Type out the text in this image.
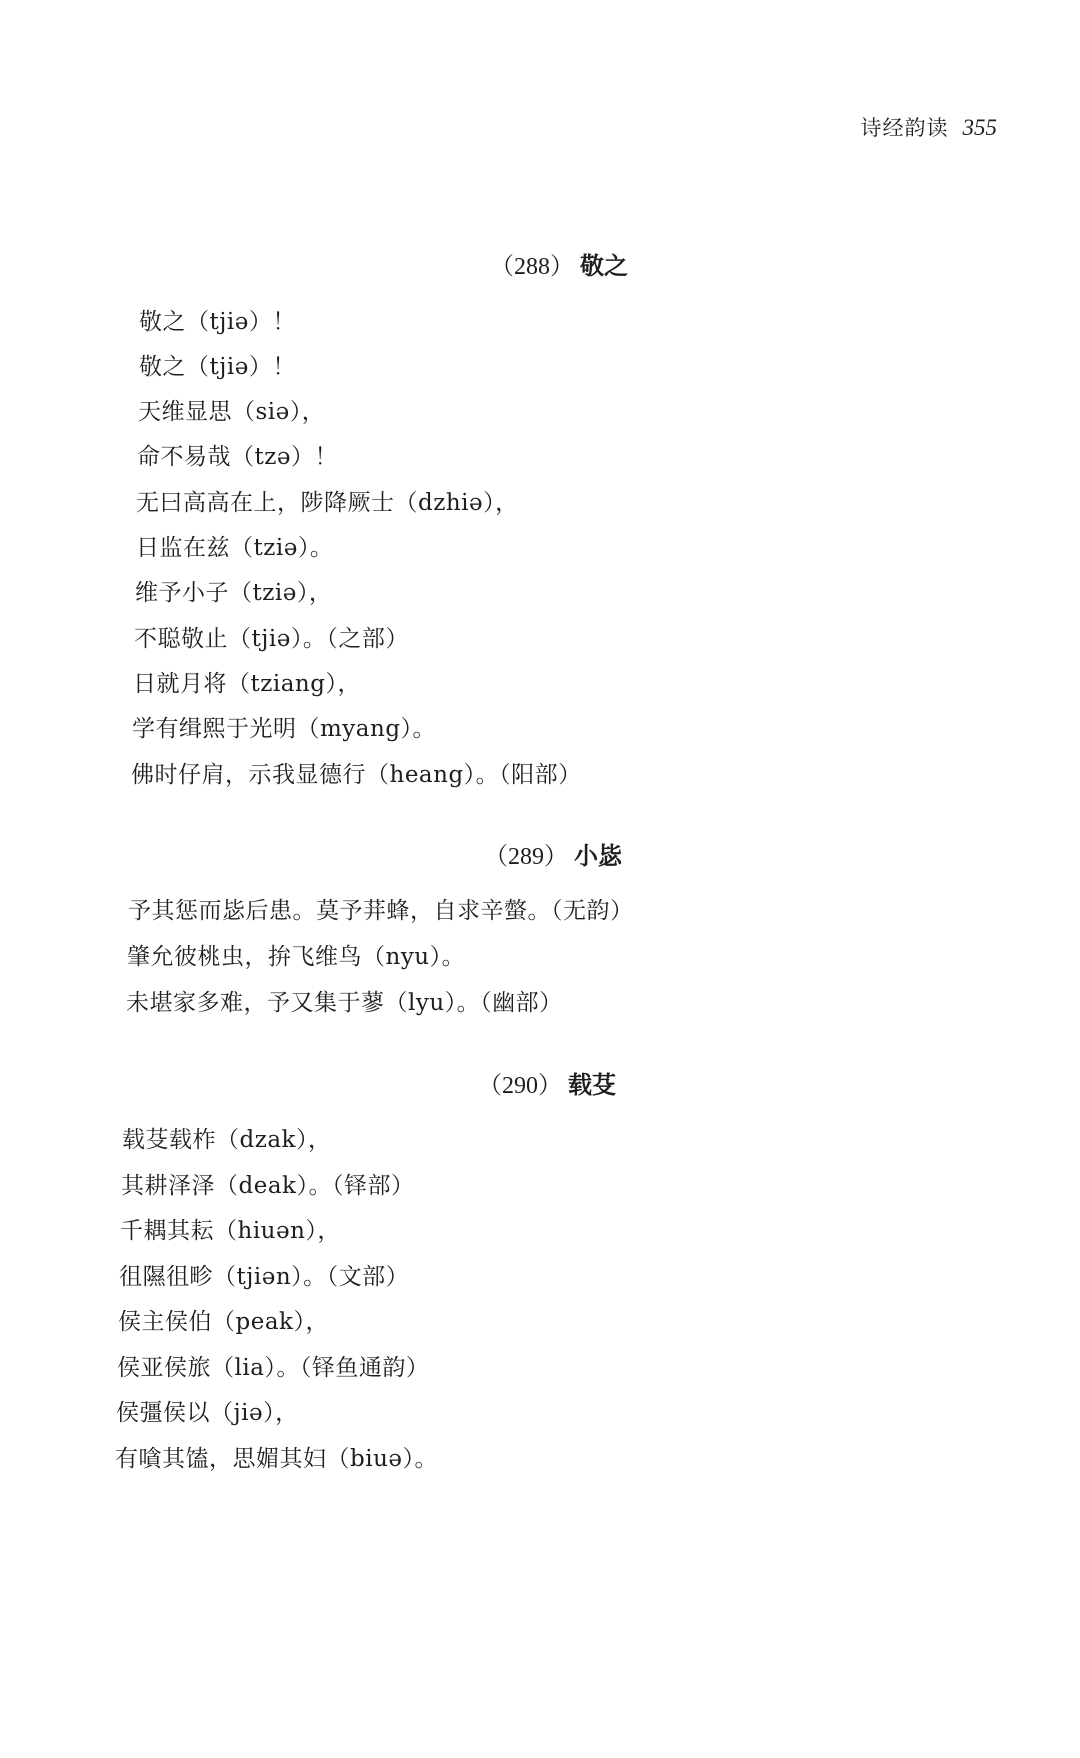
诗经韵读 355
（288） 敬之
敬之（tjiə）！
敬之（tjiə）！
天维显思（siə），
命不易哉（tzə）！
无曰高高在上，陟降厥士（dzhiə），
日监在兹（tziə）。
维予小子（tziə），
不聪敬止（tjiə）。（之部）
日就月将（tziang），
学有缉熙于光明（myang）。
佛时仔肩，示我显德行（heang）。（阳部）
（289） 小毖
予其惩而毖后患。莫予荓蜂，自求辛螫。（无韵）
肇允彼桃虫，拚飞维鸟（nyu）。
未堪家多难，予又集于蓼（lyu）。（幽部）
（290） 载芟
载芟载柞（dzak），
其耕泽泽（deak）。（铎部）
千耦其耘（hiuən），
徂隰徂畛（tjiən）。（文部）
侯主侯伯（peak），
侯亚侯旅（lia）。（铎鱼通韵）
侯彊侯以（jiə），
有嗿其馌，思媚其妇（biuə）。
